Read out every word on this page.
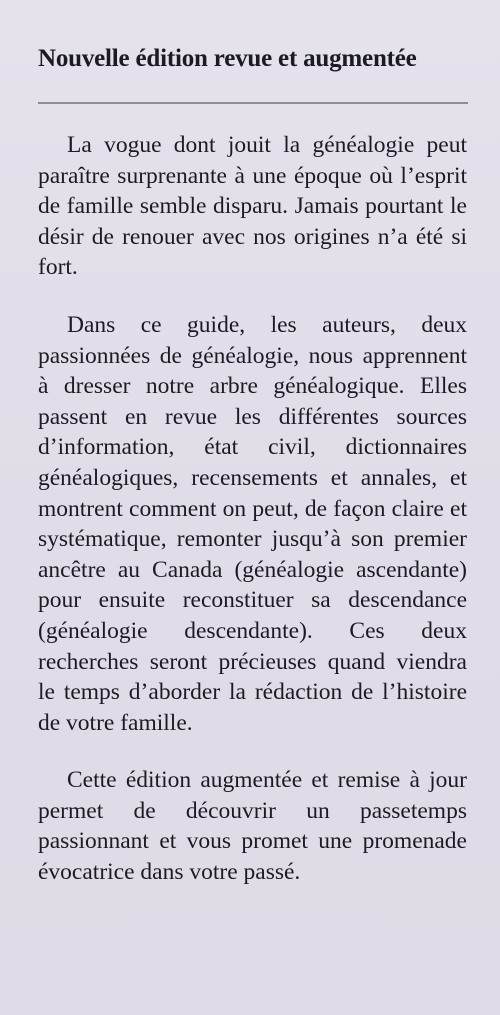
Nouvelle édition revue et augmentée

La vogue dont jouit la généalogie peut paraître surprenante à une époque où l’esprit de famille semble disparu. Jamais pourtant le désir de renouer avec nos origines n’a été si fort.

Dans ce guide, les auteurs, deux passionnées de généalogie, nous apprennent à dresser notre arbre généalogique. Elles passent en revue les différentes sources d’information, état civil, dictionnaires généalogiques, recensements et annales, et montrent comment on peut, de façon claire et systématique, remonter jusqu’à son premier ancêtre au Canada (généalogie ascendante) pour ensuite reconstituer sa descendance (généalogie descendante). Ces deux recherches seront précieuses quand viendra le temps d’aborder la rédaction de l’histoire de votre famille.

Cette édition augmentée et remise à jour permet de découvrir un passetemps passionnant et vous promet une promenade évocatrice dans votre passé.
